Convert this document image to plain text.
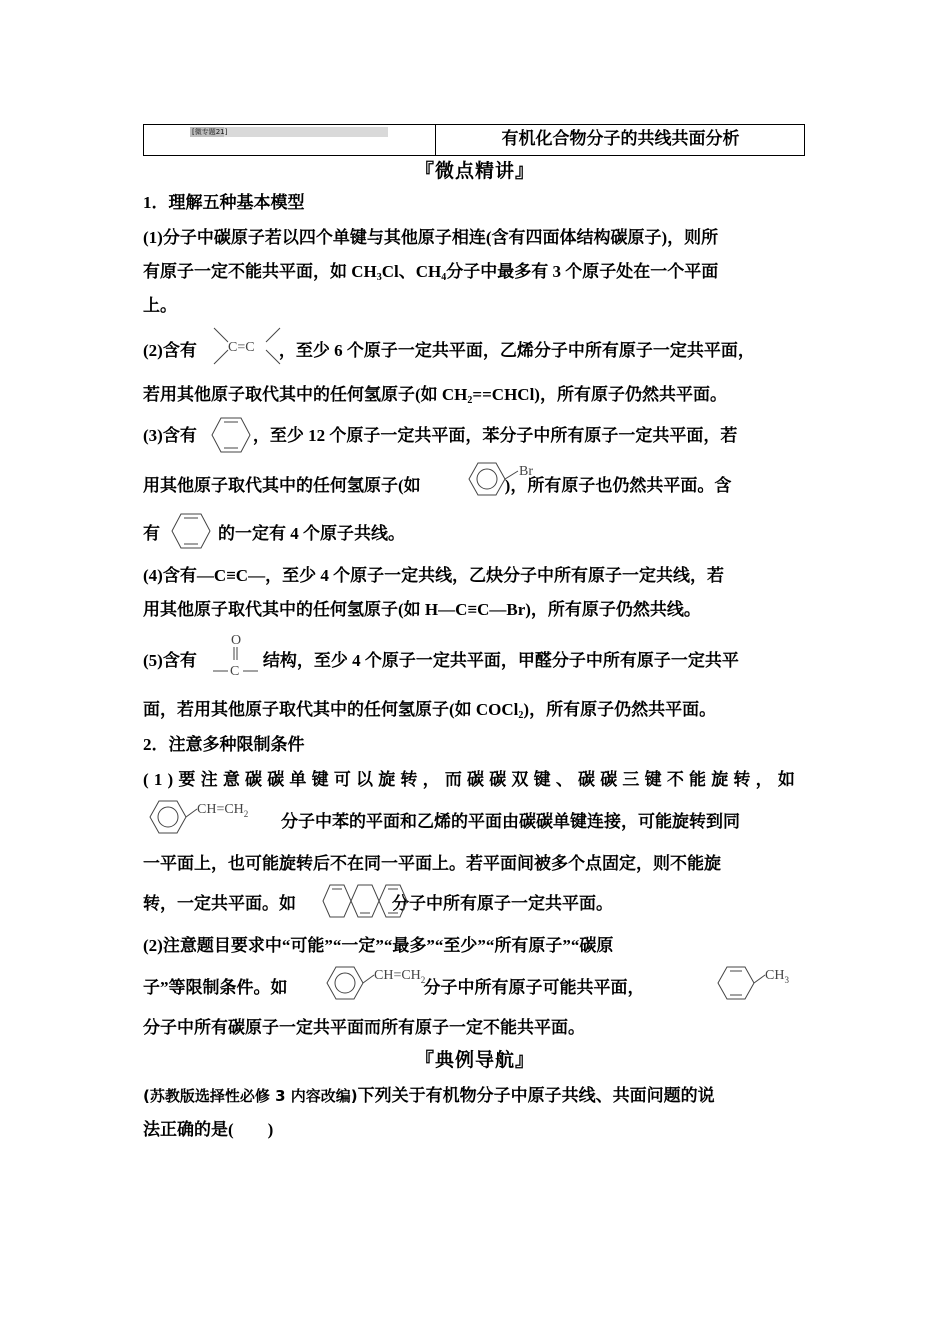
[微专题21]	有机化合物分子的共线共面分析
『微点精讲』
1．理解五种基本模型
(1)分子中碳原子若以四个单键与其他原子相连(含有四面体结构碳原子)，则所
有原子一定不能共平面，如 $CH_3Cl$、$CH_4$分子中最多有 3 个原子处在一个平面
上。
(2)含有	，至少 6 个原子一定共平面，乙烯分子中所有原子一定共平面，
C=C
若用其他原子取代其中的任何氢原子(如 $CH_2==CHCl$)，所有原子仍然共平面。
(3)含有	，至少 12 个原子一定共平面，苯分子中所有原子一定共平面，若
用其他原子取代其中的任何氢原子(如	)，所有原子也仍然共平面。含
Br
有	的一定有 4 个原子共线。
(4)含有—C≡C—，至少 4 个原子一定共线，乙炔分子中所有原子一定共线，若
用其他原子取代其中的任何氢原子(如 H—C≡C—Br)，所有原子仍然共线。
(5)含有	结构，至少 4 个原子一定共平面，甲醛分子中所有原子一定共平
O
C
面，若用其他原子取代其中的任何氢原子(如 COCl$_2$)，所有原子仍然共平面。
2．注意多种限制条件
(1)要注意碳碳单键可以旋转，而碳碳双键、碳碳三键不能旋转，如
分子中苯的平面和乙烯的平面由碳碳单键连接，可能旋转到同
$CH=CH_2$
一平面上，也可能旋转后不在同一平面上。若平面间被多个点固定，则不能旋
转，一定共平面。如	分子中所有原子一定共平面。
(2)注意题目要求中“可能”“一定”“最多”“至少”“所有原子”“碳原
子”等限制条件。如	分子中所有原子可能共平面，
$CH=CH_2$	$CH_3$
分子中所有碳原子一定共平面而所有原子一定不能共平面。
『典例导航』
(苏教版选择性必修 3 内容改编)下列关于有机物分子中原子共线、共面问题的说
法正确的是(　　)
